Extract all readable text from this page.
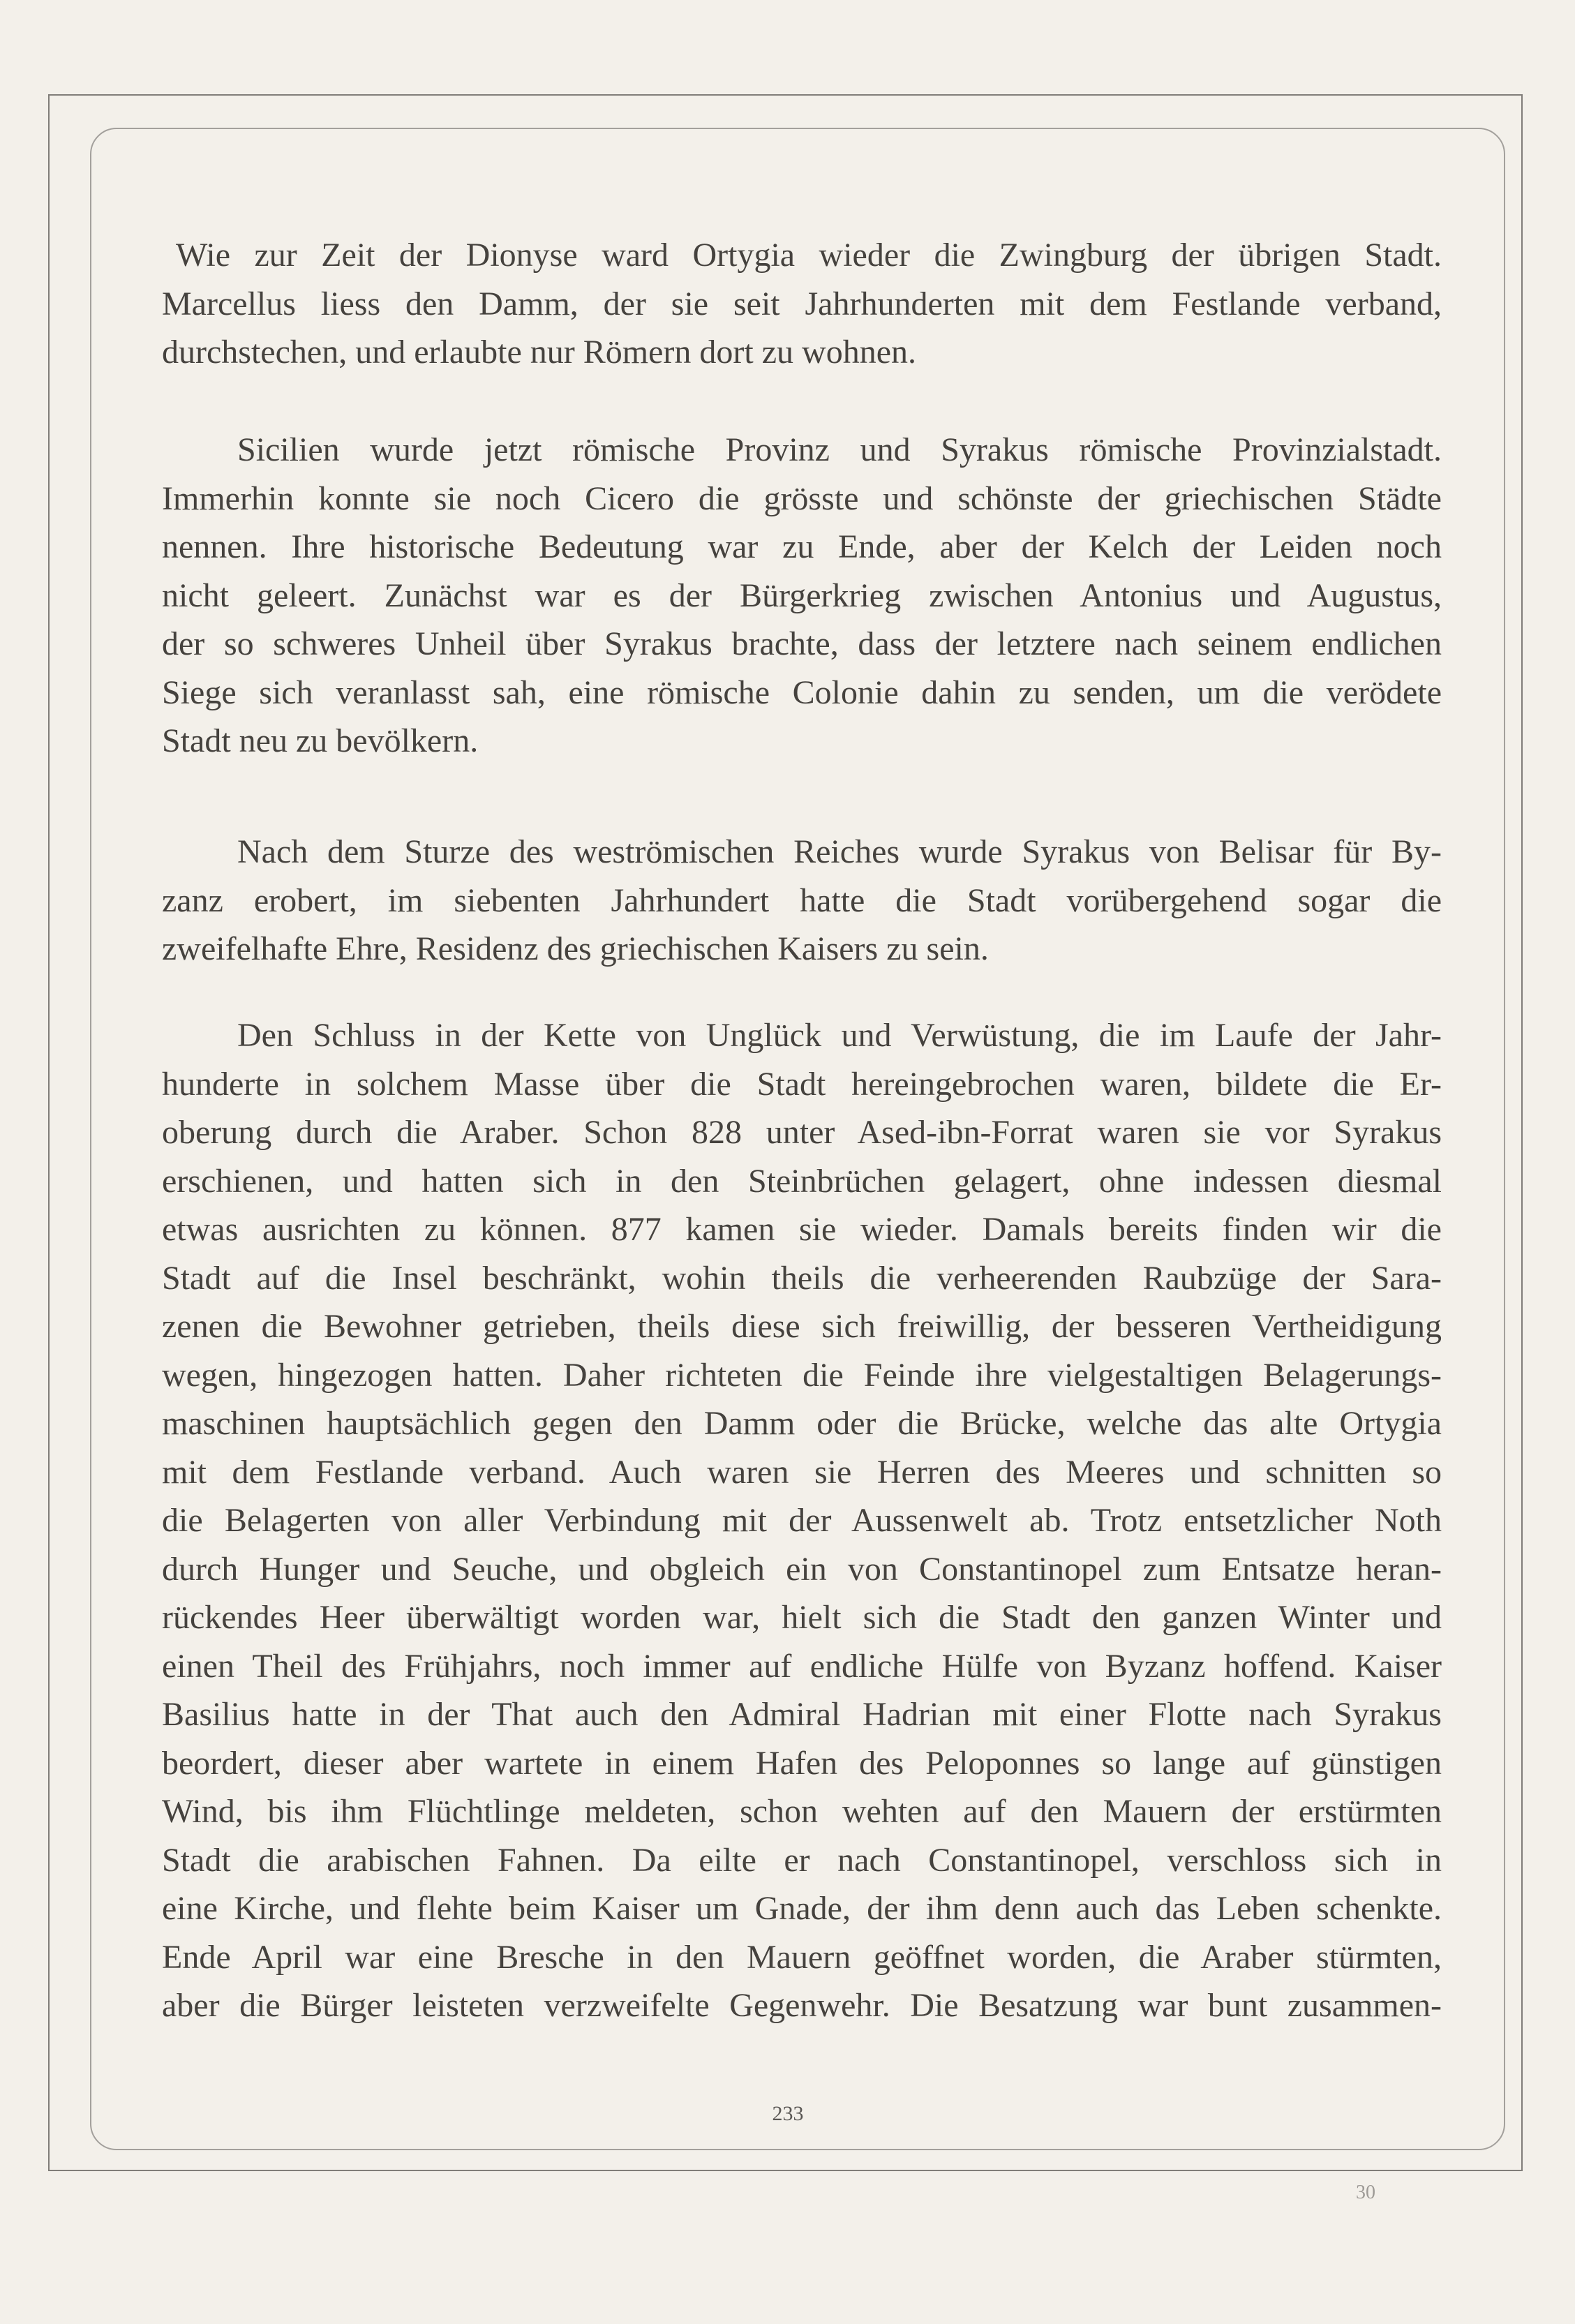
Wie zur Zeit der Dionyse ward Ortygia wieder die Zwingburg der übrigen Stadt.
Marcellus liess den Damm, der sie seit Jahrhunderten mit dem Festlande verband,
durchstechen, und erlaubte nur Römern dort zu wohnen.
Sicilien wurde jetzt römische Provinz und Syrakus römische Provinzialstadt.
Immerhin konnte sie noch Cicero die grösste und schönste der griechischen Städte
nennen. Ihre historische Bedeutung war zu Ende, aber der Kelch der Leiden noch
nicht geleert. Zunächst war es der Bürgerkrieg zwischen Antonius und Augustus,
der so schweres Unheil über Syrakus brachte, dass der letztere nach seinem endlichen
Siege sich veranlasst sah, eine römische Colonie dahin zu senden, um die verödete
Stadt neu zu bevölkern.
Nach dem Sturze des weströmischen Reiches wurde Syrakus von Belisar für By-
zanz erobert, im siebenten Jahrhundert hatte die Stadt vorübergehend sogar die
zweifelhafte Ehre, Residenz des griechischen Kaisers zu sein.
Den Schluss in der Kette von Unglück und Verwüstung, die im Laufe der Jahr-
hunderte in solchem Masse über die Stadt hereingebrochen waren, bildete die Er-
oberung durch die Araber. Schon 828 unter Ased-ibn-Forrat waren sie vor Syrakus
erschienen, und hatten sich in den Steinbrüchen gelagert, ohne indessen diesmal
etwas ausrichten zu können. 877 kamen sie wieder. Damals bereits finden wir die
Stadt auf die Insel beschränkt, wohin theils die verheerenden Raubzüge der Sara-
zenen die Bewohner getrieben, theils diese sich freiwillig, der besseren Vertheidigung
wegen, hingezogen hatten. Daher richteten die Feinde ihre vielgestaltigen Belagerungs-
maschinen hauptsächlich gegen den Damm oder die Brücke, welche das alte Ortygia
mit dem Festlande verband. Auch waren sie Herren des Meeres und schnitten so
die Belagerten von aller Verbindung mit der Aussenwelt ab. Trotz entsetzlicher Noth
durch Hunger und Seuche, und obgleich ein von Constantinopel zum Entsatze heran-
rückendes Heer überwältigt worden war, hielt sich die Stadt den ganzen Winter und
einen Theil des Frühjahrs, noch immer auf endliche Hülfe von Byzanz hoffend. Kaiser
Basilius hatte in der That auch den Admiral Hadrian mit einer Flotte nach Syrakus
beordert, dieser aber wartete in einem Hafen des Peloponnes so lange auf günstigen
Wind, bis ihm Flüchtlinge meldeten, schon wehten auf den Mauern der erstürmten
Stadt die arabischen Fahnen. Da eilte er nach Constantinopel, verschloss sich in
eine Kirche, und flehte beim Kaiser um Gnade, der ihm denn auch das Leben schenkte.
Ende April war eine Bresche in den Mauern geöffnet worden, die Araber stürmten,
aber die Bürger leisteten verzweifelte Gegenwehr. Die Besatzung war bunt zusammen-
233
30
